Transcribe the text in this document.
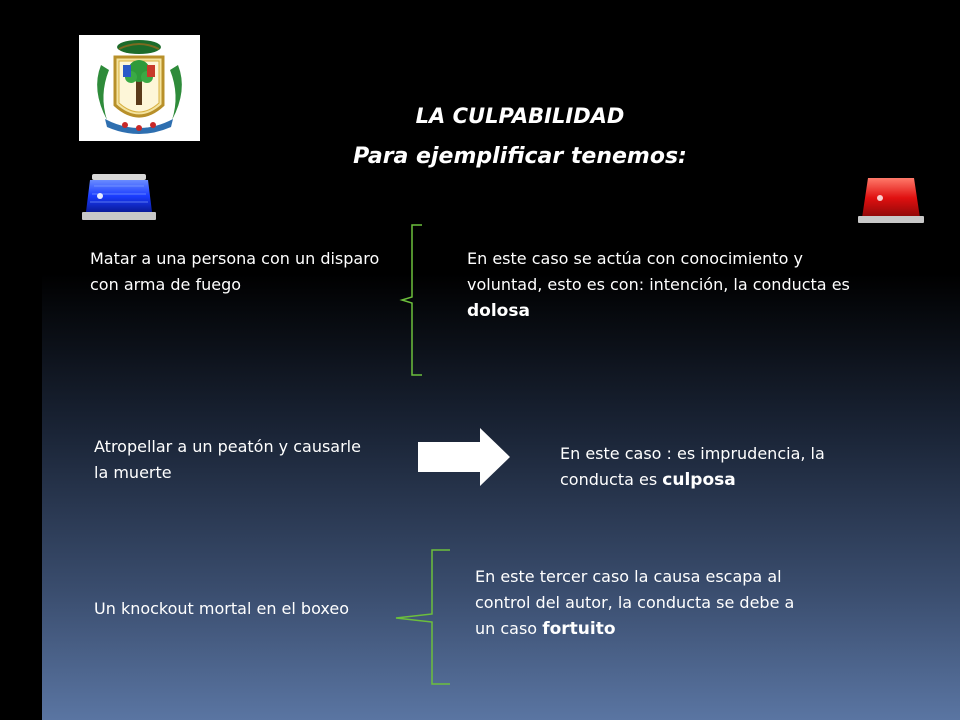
LA CULPABILIDAD
Para ejemplificar tenemos:
Matar a una persona con un disparo con arma de fuego
En este caso se actúa con conocimiento y voluntad, esto es con: intención, la conducta es dolosa
Atropellar a un peatón y causarle la muerte
En este caso : es imprudencia, la conducta es culposa
Un knockout mortal en el boxeo
En este tercer caso la causa escapa al control del autor, la conducta se debe a un caso fortuito
